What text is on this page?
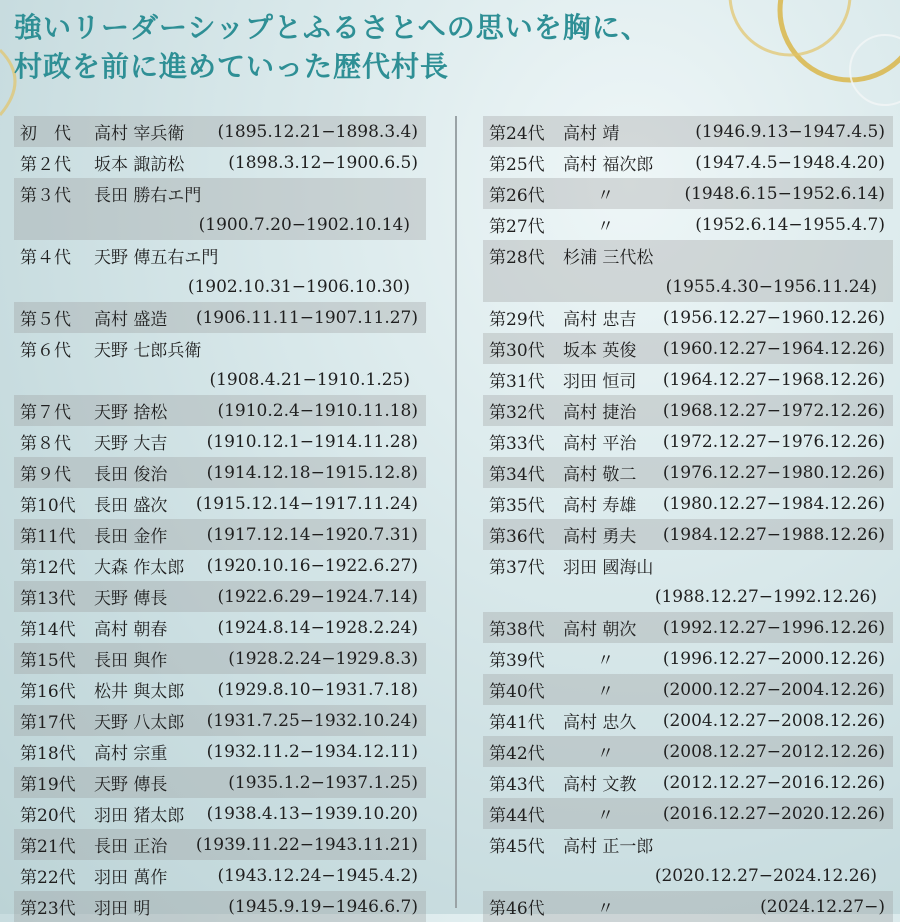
強いリーダーシップとふるさとへの思いを胸に、
村政を前に進めていった歴代村長
初　代	高村 宰兵衛 (1895.12.21−1898.3.4)
第２代	坂本 諏訪松	(1898.3.12−1900.6.5)
第３代	長田 勝右エ門
(1900.7.20−1902.10.14)
第４代	天野 傳五右エ門
(1902.10.31−1906.10.30)
第５代	高村 盛造 (1906.11.11−1907.11.27)
第６代	天野 七郎兵衛
(1908.4.21−1910.1.25)
第７代	天野 捨松	(1910.2.4−1910.11.18)
第８代	天野 大吉 (1910.12.1−1914.11.28)
第９代	長田 俊治 (1914.12.18−1915.12.8)
第10代	長田 盛次 (1915.12.14−1917.11.24)
第11代	長田 金作 (1917.12.14−1920.7.31)
第12代	大森 作太郎 (1920.10.16−1922.6.27)
第13代	天野 傳長	(1922.6.29−1924.7.14)
第14代	高村 朝春	(1924.8.14−1928.2.24)
第15代	長田 與作	(1928.2.24−1929.8.3)
第16代	松井 與太郎 (1929.8.10−1931.7.18)
第17代	天野 八太郎 (1931.7.25−1932.10.24)
第18代	高村 宗重 (1932.11.2−1934.12.11)
第19代	天野 傳長	(1935.1.2−1937.1.25)
第20代	羽田 猪太郎 (1938.4.13−1939.10.20)
第21代	長田 正治 (1939.11.22−1943.11.21)
第22代	羽田 萬作	(1943.12.24−1945.4.2)
第23代	羽田 明	(1945.9.19−1946.6.7)
第24代	高村 靖	(1946.9.13−1947.4.5)
第25代	高村 福次郎 (1947.4.5−1948.4.20)
第26代	　　〃	(1948.6.15−1952.6.14)
第27代	　　〃	(1952.6.14−1955.4.7)
第28代	杉浦 三代松
(1955.4.30−1956.11.24)
第29代	高村 忠吉 (1956.12.27−1960.12.26)
第30代	坂本 英俊 (1960.12.27−1964.12.26)
第31代	羽田 恒司 (1964.12.27−1968.12.26)
第32代	高村 捷治 (1968.12.27−1972.12.26)
第33代	高村 平治 (1972.12.27−1976.12.26)
第34代	高村 敬二 (1976.12.27−1980.12.26)
第35代	高村 寿雄 (1980.12.27−1984.12.26)
第36代	高村 勇夫 (1984.12.27−1988.12.26)
第37代	羽田 國海山
(1988.12.27−1992.12.26)
第38代	高村 朝次 (1992.12.27−1996.12.26)
第39代	　　〃	(1996.12.27−2000.12.26)
第40代	　　〃	(2000.12.27−2004.12.26)
第41代	高村 忠久 (2004.12.27−2008.12.26)
第42代	　　〃	(2008.12.27−2012.12.26)
第43代	高村 文教 (2012.12.27−2016.12.26)
第44代	　　〃	(2016.12.27−2020.12.26)
第45代	高村 正一郎
(2020.12.27−2024.12.26)
第46代	　　〃	(2024.12.27−)
